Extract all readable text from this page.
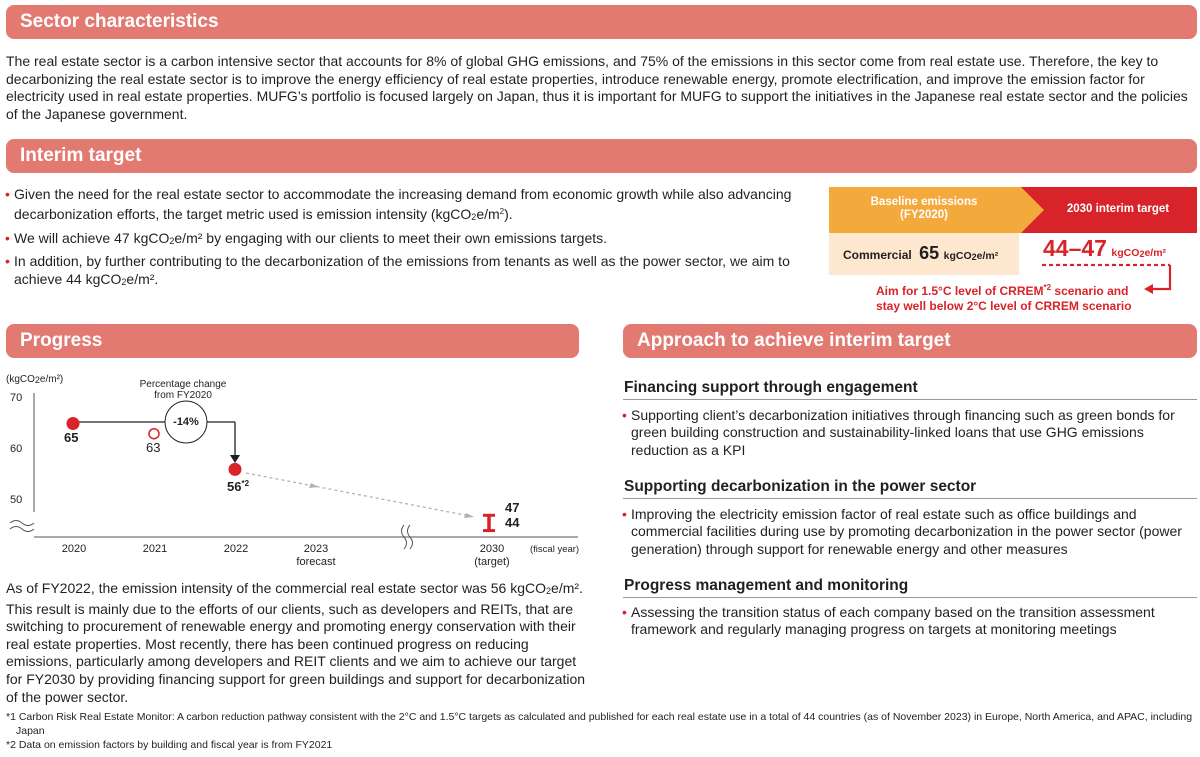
Sector characteristics

The real estate sector is a carbon intensive sector that accounts for 8% of global GHG emissions, and 75% of the emissions in this sector come from real estate use. Therefore, the key to decarbonizing the real estate sector is to improve the energy efficiency of real estate properties, introduce renewable energy, promote electrification, and improve the emission factor for electricity used in real estate properties. MUFG’s portfolio is focused largely on Japan, thus it is important for MUFG to support the initiatives in the Japanese real estate sector and the policies of the Japanese government.

Interim target
• Given the need for the real estate sector to accommodate the increasing demand from economic growth while also advancing decarbonization efforts, the target metric used is emission intensity $(kgCO_2e/m^2)$.
• We will achieve 47 kgCO$_2$e/m² by engaging with our clients to meet their own emissions targets.
• In addition, by further contributing to the decarbonization of the emissions from tenants as well as the power sector, we aim to achieve 44 kgCO$_2$e/m².
Baseline emissions (FY2020)	2030 interim target
Commercial 65 kgCO$_2$e/m² 44–47 kgCO$_2$e/m²
Aim for 1.5°C level of CRREM$^{*2}$ scenario and
stay well below 2°C level of CRREM scenario
Progress
(kgCO$_2$e/m²)
70
60
50
Percentage change
from FY2020
-14%
65
63
56$^{*2}$
47
44
2020	2021	2022	2023
forecast
2030
(target)
(fiscal year)

As of FY2022, the emission intensity of the commercial real estate sector was 56 kgCO$_2$e/m². This result is mainly due to the efforts of our clients, such as developers and REITs, that are switching to procurement of renewable energy and promoting energy conservation with their real estate properties. Most recently, there has been continued progress on reducing emissions, particularly among developers and REIT clients and we aim to achieve our target for FY2030 by providing financing support for green buildings and support for decarbonization of the power sector.

Approach to achieve interim target
Financing support through engagement
• Supporting client’s decarbonization initiatives through financing such as green bonds for green building construction and sustainability-linked loans that use GHG emissions reduction as a KPI
Supporting decarbonization in the power sector
• Improving the electricity emission factor of real estate such as office buildings and commercial facilities during use by promoting decarbonization in the power sector (power generation) through support for renewable energy and other measures
Progress management and monitoring
• Assessing the transition status of each company based on the transition assessment framework and regularly managing progress on targets at monitoring meetings
*1 Carbon Risk Real Estate Monitor: A carbon reduction pathway consistent with the 2°C and 1.5°C targets as calculated and published for each real estate use in a total of 44 countries (as of November 2023) in Europe, North America, and APAC, including Japan
*2 Data on emission factors by building and fiscal year is from FY2021
